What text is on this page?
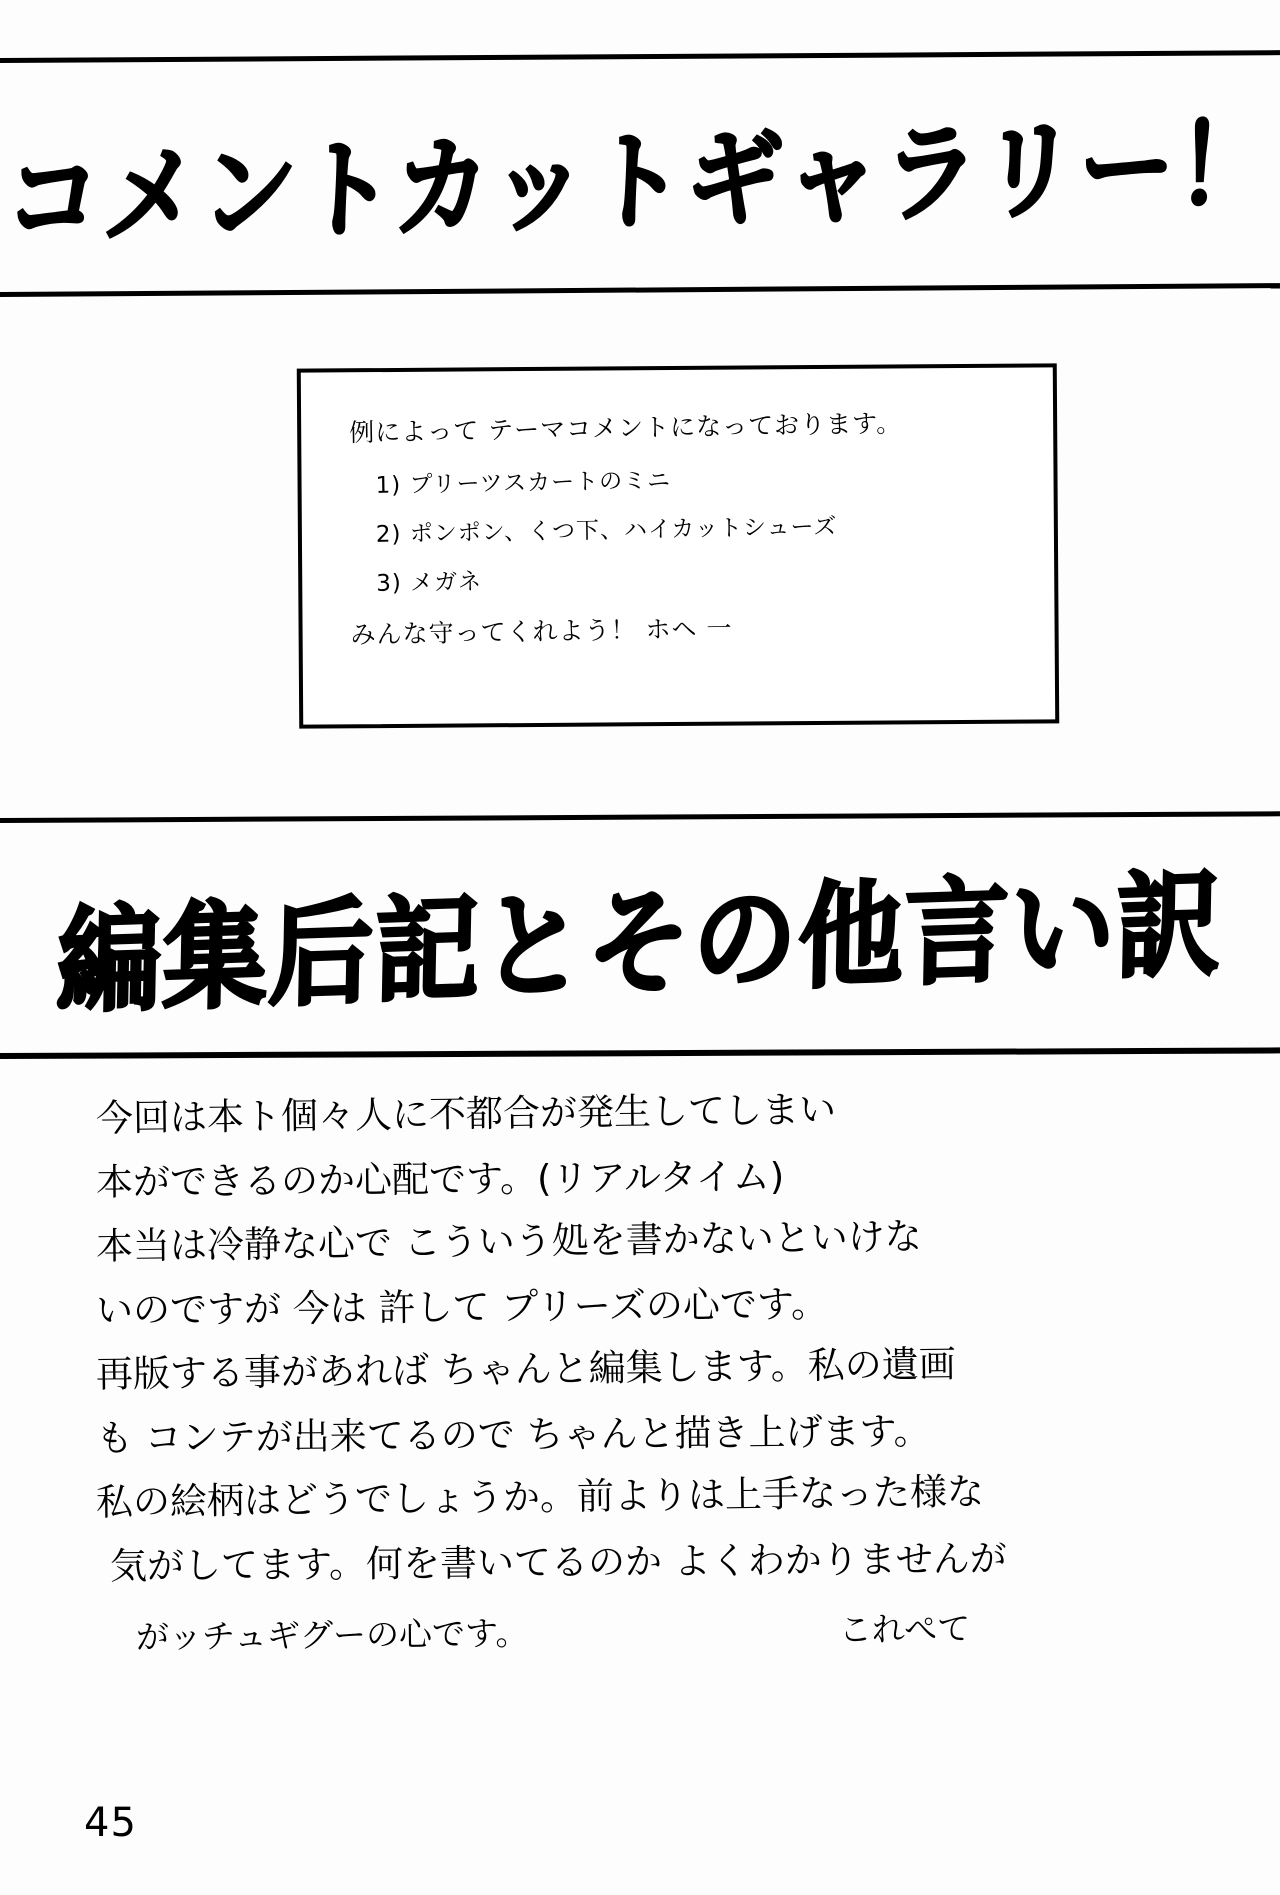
コメントカットギャラリー！
例によって テーマコメントになっております。
1) プリーツスカートのミニ
2) ポンポン、くつ下、ハイカットシューズ
3) メガネ
みんな守ってくれよう！ ホヘ 一
編集后記とその他言い訳
今回は本ト個々人に不都合が発生してしまい
本ができるのか心配です。(リアルタイム)
本当は冷静な心で こういう処を書かないといけな
いのですが 今は 許して プリーズの心です。
再版する事があれば ちゃんと編集します。私の遺画
も コンテが出来てるので ちゃんと描き上げます。
私の絵柄はどうでしょうか。前よりは上手なった様な
気がしてます。何を書いてるのか よくわかりませんが
がッチュギグーの心です。	これぺて
45
